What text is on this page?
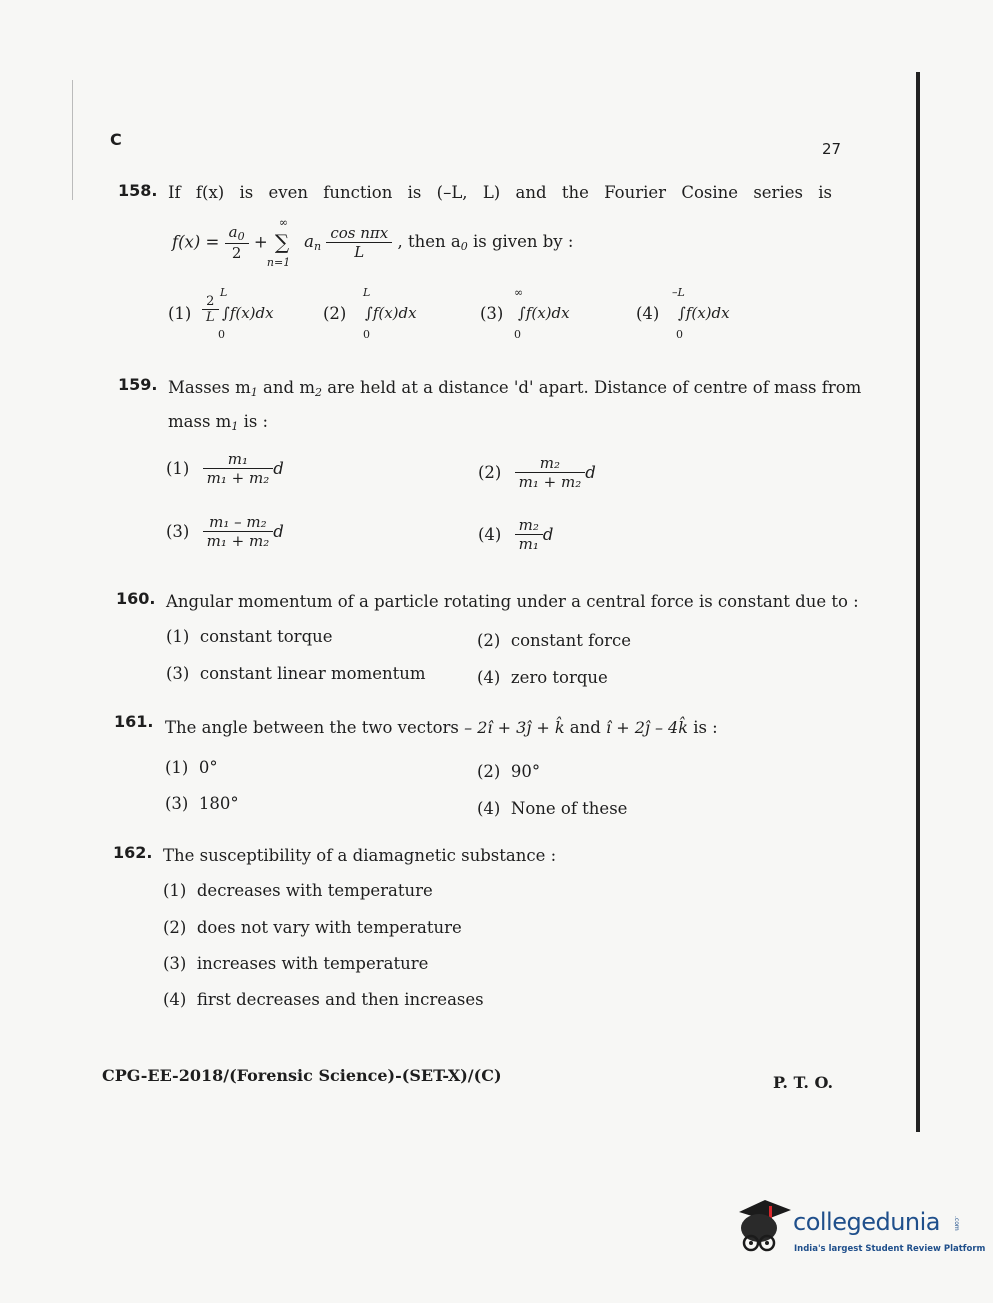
C	27
158. If f(x) is even function is (–L, L) and the Fourier Cosine series is
$f(x) = \frac{a_0}{2}$ +
∞
∑
n=1
$a_n \frac{\text{cos nπx}}{L}$ , then $a_0$ is given by :
$(1) \frac{2}{L}$
L
∫f(x)dx
0
(2)
L
∫f(x)dx
0
(3)
∞
∫f(x)dx
0
(4)
–L
∫f(x)dx
0
159. Masses $m_1$ and $m_2$ are held at a distance 'd' apart. Distance of centre of mass from
mass $m_1$ is :
$(1) \frac{\text{m₁}}{\text{m₁ + m₂}}$ d	$(2) \frac{\text{m₂}}{\text{m₁ + m₂}}$ d
$(3) \frac{\text{m₁ – m₂}}{\text{m₁ + m₂}}$ d	$(4) \frac{\text{m₂}}{\text{m₁}}$ d
160. Angular momentum of a particle rotating under a central force is constant due to :
(1) constant torque	(2) constant force
(3) constant linear momentum	(4) zero torque
161. The angle between the two vectors – 2î + 3ĵ + k̂ and î + 2ĵ – 4k̂ is :
(1) 0°	(2) 90°
(3) 180°	(4) None of these
162. The susceptibility of a diamagnetic substance :
(1) decreases with temperature
(2) does not vary with temperature
(3) increases with temperature
(4) first decreases and then increases
CPG-EE-2018/(Forensic Science)-(SET-X)/(C)	P. T. O.
collegedunia .com
India's largest Student Review Platform
